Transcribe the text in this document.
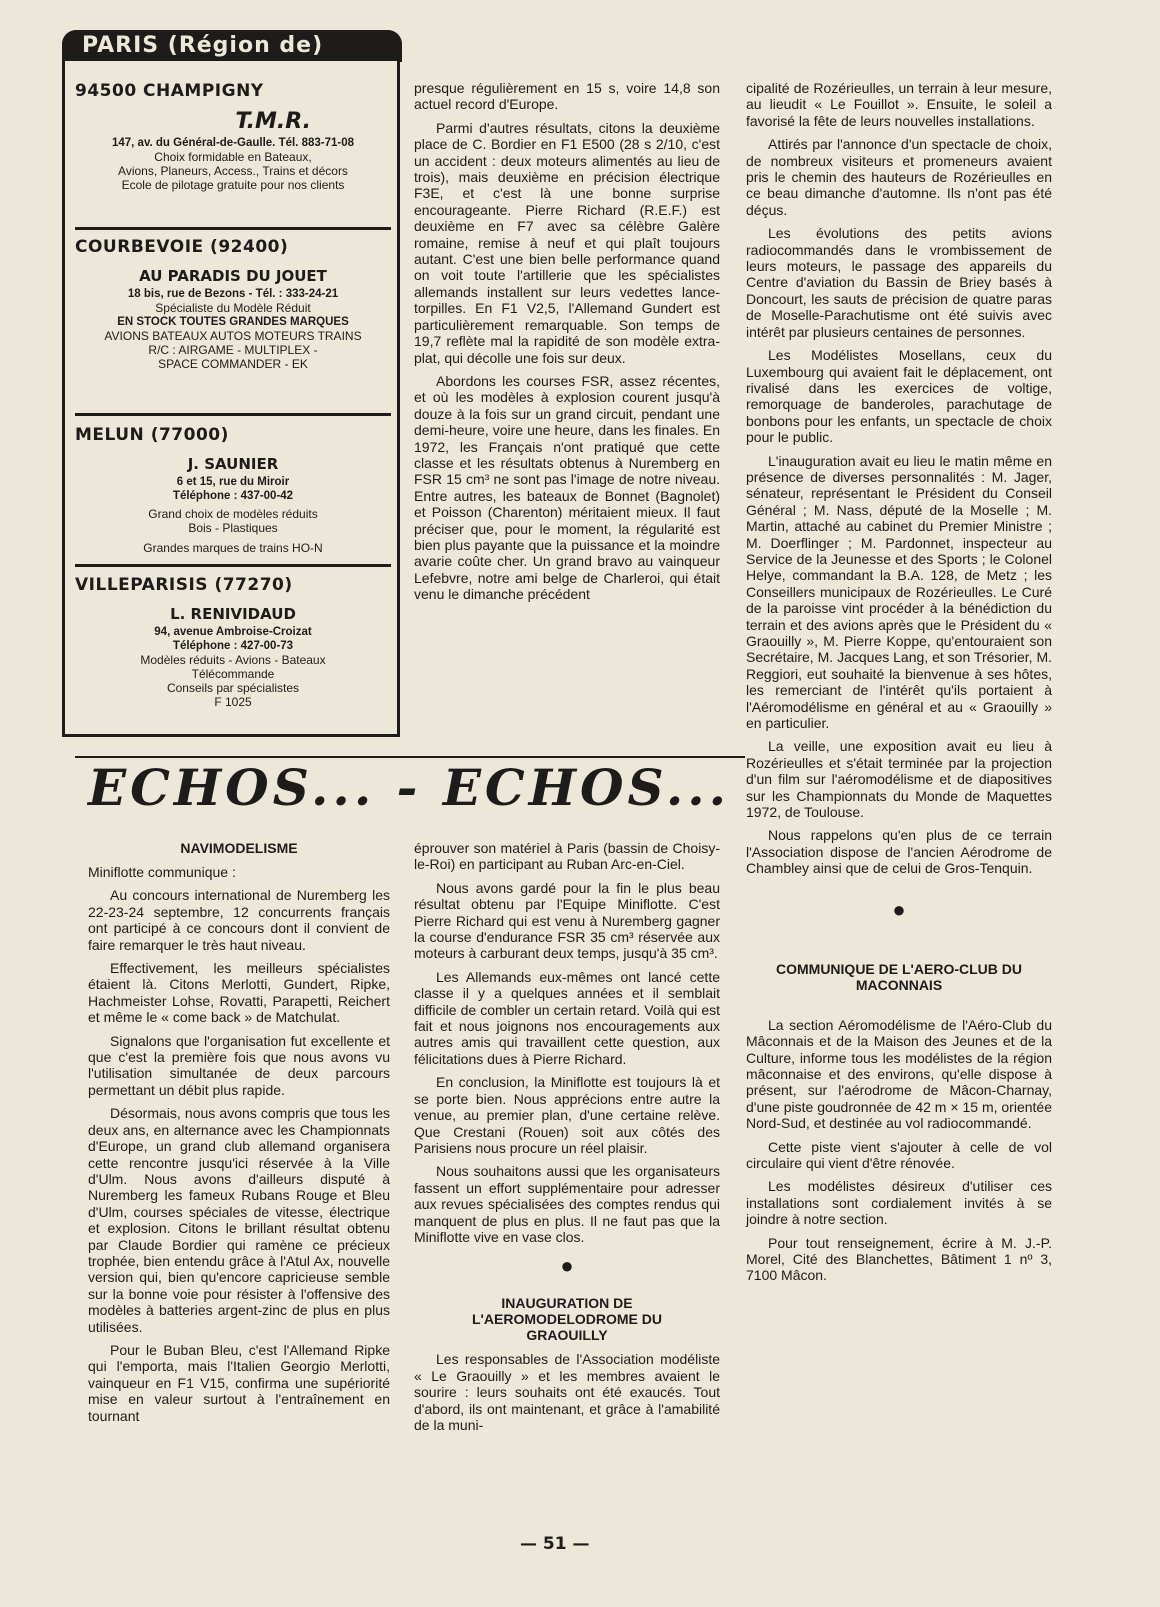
PARIS (Région de)
94500 CHAMPIGNY
T.M.R.
147, av. du Général-de-Gaulle. Tél. 883-71-08
Choix formidable en Bateaux,
Avions, Planeurs, Access., Trains et décors
Ecole de pilotage gratuite pour nos clients
COURBEVOIE (92400)
AU PARADIS DU JOUET
18 bis, rue de Bezons - Tél. : 333-24-21
Spécialiste du Modèle Réduit
EN STOCK TOUTES GRANDES MARQUES
AVIONS BATEAUX AUTOS MOTEURS TRAINS
R/C : AIRGAME - MULTIPLEX -
SPACE COMMANDER - EK
MELUN (77000)
J. SAUNIER
6 et 15, rue du Miroir
Téléphone : 437-00-42
Grand choix de modèles réduits
Bois - Plastiques
Grandes marques de trains HO-N
VILLEPARISIS (77270)
L. RENIVIDAUD
94, avenue Ambroise-Croizat
Téléphone : 427-00-73
Modèles réduits - Avions - Bateaux
Télécommande
Conseils par spécialistes
F 1025

presque régulièrement en 15 s, voire 14,8 son actuel record d'Europe.

Parmi d'autres résultats, citons la deuxième place de C. Bordier en F1 E500 (28 s 2/10, c'est un accident : deux moteurs alimentés au lieu de trois), mais deuxième en précision électrique F3E, et c'est là une bonne surprise encourageante. Pierre Richard (R.E.F.) est deuxième en F7 avec sa célèbre Galère romaine, remise à neuf et qui plaît toujours autant. C'est une bien belle performance quand on voit toute l'artillerie que les spécialistes allemands installent sur leurs vedettes lance-torpilles. En F1 V2,5, l'Allemand Gundert est particulièrement remarquable. Son temps de 19,7 reflète mal la rapidité de son modèle extra-plat, qui décolle une fois sur deux.

Abordons les courses FSR, assez récentes, et où les modèles à explosion courent jusqu'à douze à la fois sur un grand circuit, pendant une demi-heure, voire une heure, dans les finales. En 1972, les Français n'ont pratiqué que cette classe et les résultats obtenus à Nuremberg en FSR 15 cm³ ne sont pas l'image de notre niveau. Entre autres, les bateaux de Bonnet (Bagnolet) et Poisson (Charenton) méritaient mieux. Il faut préciser que, pour le moment, la régularité est bien plus payante que la puissance et la moindre avarie coûte cher. Un grand bravo au vainqueur Lefebvre, notre ami belge de Charleroi, qui était venu le dimanche précédent

ECHOS... - ECHOS...
NAVIMODELISME

Miniflotte communique :

Au concours international de Nuremberg les 22-23-24 septembre, 12 concurrents français ont participé à ce concours dont il convient de faire remarquer le très haut niveau.

Effectivement, les meilleurs spécialistes étaient là. Citons Merlotti, Gundert, Ripke, Hachmeister Lohse, Rovatti, Parapetti, Reichert et même le « come back » de Matchulat.

Signalons que l'organisation fut excellente et que c'est la première fois que nous avons vu l'utilisation simultanée de deux parcours permettant un débit plus rapide.

Désormais, nous avons compris que tous les deux ans, en alternance avec les Championnats d'Europe, un grand club allemand organisera cette rencontre jusqu'ici réservée à la Ville d'Ulm. Nous avons d'ailleurs disputé à Nuremberg les fameux Rubans Rouge et Bleu d'Ulm, courses spéciales de vitesse, électrique et explosion. Citons le brillant résultat obtenu par Claude Bordier qui ramène ce précieux trophée, bien entendu grâce à l'Atul Ax, nouvelle version qui, bien qu'encore capricieuse semble sur la bonne voie pour résister à l'offensive des modèles à batteries argent-zinc de plus en plus utilisées.

Pour le Buban Bleu, c'est l'Allemand Ripke qui l'emporta, mais l'Italien Georgio Merlotti, vainqueur en F1 V15, confirma une supériorité mise en valeur surtout à l'entraînement en tournant

éprouver son matériel à Paris (bassin de Choisy-le-Roi) en participant au Ruban Arc-en-Ciel.

Nous avons gardé pour la fin le plus beau résultat obtenu par l'Equipe Miniflotte. C'est Pierre Richard qui est venu à Nuremberg gagner la course d'endurance FSR 35 cm³ réservée aux moteurs à carburant deux temps, jusqu'à 35 cm³.

Les Allemands eux-mêmes ont lancé cette classe il y a quelques années et il semblait difficile de combler un certain retard. Voilà qui est fait et nous joignons nos encouragements aux autres amis qui travaillent cette question, aux félicitations dues à Pierre Richard.

En conclusion, la Miniflotte est toujours là et se porte bien. Nous apprécions entre autre la venue, au premier plan, d'une certaine relève. Que Crestani (Rouen) soit aux côtés des Parisiens nous procure un réel plaisir.

Nous souhaitons aussi que les organisateurs fassent un effort supplémentaire pour adresser aux revues spécialisées des comptes rendus qui manquent de plus en plus. Il ne faut pas que la Miniflotte vive en vase clos.

●
INAUGURATION DE L'AEROMODELODROME DU GRAOUILLY

Les responsables de l'Association modéliste « Le Graouilly » et les membres avaient le sourire : leurs souhaits ont été exaucés. Tout d'abord, ils ont maintenant, et grâce à l'amabilité de la muni-

cipalité de Rozérieulles, un terrain à leur mesure, au lieudit « Le Fouillot ». Ensuite, le soleil a favorisé la fête de leurs nouvelles installations.

Attirés par l'annonce d'un spectacle de choix, de nombreux visiteurs et promeneurs avaient pris le chemin des hauteurs de Rozérieulles en ce beau dimanche d'automne. Ils n'ont pas été déçus.

Les évolutions des petits avions radiocommandés dans le vrombissement de leurs moteurs, le passage des appareils du Centre d'aviation du Bassin de Briey basés à Doncourt, les sauts de précision de quatre paras de Moselle-Parachutisme ont été suivis avec intérêt par plusieurs centaines de personnes.

Les Modélistes Mosellans, ceux du Luxembourg qui avaient fait le déplacement, ont rivalisé dans les exercices de voltige, remorquage de banderoles, parachutage de bonbons pour les enfants, un spectacle de choix pour le public.

L'inauguration avait eu lieu le matin même en présence de diverses personnalités : M. Jager, sénateur, représentant le Président du Conseil Général ; M. Nass, député de la Moselle ; M. Martin, attaché au cabinet du Premier Ministre ; M. Doerflinger ; M. Pardonnet, inspecteur au Service de la Jeunesse et des Sports ; le Colonel Helye, commandant la B.A. 128, de Metz ; les Conseillers municipaux de Rozérieulles. Le Curé de la paroisse vint procéder à la bénédiction du terrain et des avions après que le Président du « Graouilly », M. Pierre Koppe, qu'entouraient son Secrétaire, M. Jacques Lang, et son Trésorier, M. Reggiori, eut souhaité la bienvenue à ses hôtes, les remerciant de l'intérêt qu'ils portaient à l'Aéromodélisme en général et au « Graouilly » en particulier.

La veille, une exposition avait eu lieu à Rozérieulles et s'était terminée par la projection d'un film sur l'aéromodélisme et de diapositives sur les Championnats du Monde de Maquettes 1972, de Toulouse.

Nous rappelons qu'en plus de ce terrain l'Association dispose de l'ancien Aérodrome de Chambley ainsi que de celui de Gros-Tenquin.

●
COMMUNIQUE DE L'AERO-CLUB DU MACONNAIS

La section Aéromodélisme de l'Aéro-Club du Mâconnais et de la Maison des Jeunes et de la Culture, informe tous les modélistes de la région mâconnaise et des environs, qu'elle dispose à présent, sur l'aérodrome de Mâcon-Charnay, d'une piste goudronnée de 42 m × 15 m, orientée Nord-Sud, et destinée au vol radiocommandé.

Cette piste vient s'ajouter à celle de vol circulaire qui vient d'être rénovée.

Les modélistes désireux d'utiliser ces installations sont cordialement invités à se joindre à notre section.

Pour tout renseignement, écrire à M. J.-P. Morel, Cité des Blanchettes, Bâtiment 1 nº 3, 7100 Mâcon.

— 51 —
